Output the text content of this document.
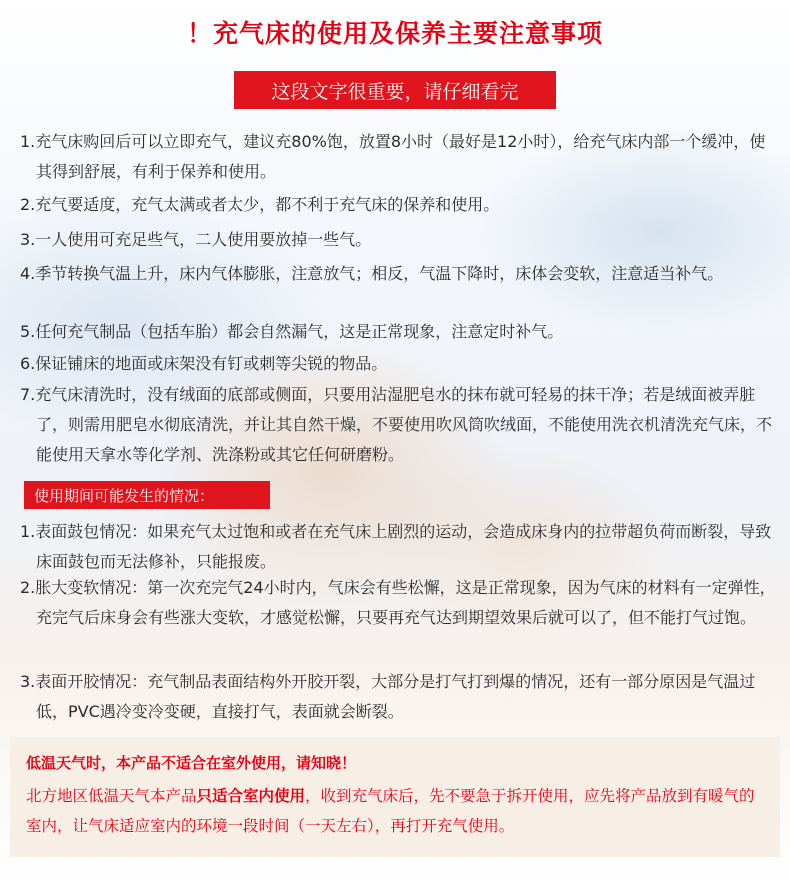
！充气床的使用及保养主要注意事项
这段文字很重要，请仔细看完
1.充气床购回后可以立即充气，建议充80%饱，放置8小时（最好是12小时），给充气床内部一个缓冲，使其得到舒展，有利于保养和使用。
2.充气要适度，充气太满或者太少，都不利于充气床的保养和使用。
3.一人使用可充足些气，二人使用要放掉一些气。
4.季节转换气温上升，床内气体膨胀，注意放气；相反，气温下降时，床体会变软，注意适当补气。
5.任何充气制品（包括车胎）都会自然漏气，这是正常现象，注意定时补气。
6.保证铺床的地面或床架没有钉或刺等尖锐的物品。
7.充气床清洗时，没有绒面的底部或侧面，只要用沾湿肥皂水的抹布就可轻易的抹干净；若是绒面被弄脏了，则需用肥皂水彻底清洗，并让其自然干燥，不要使用吹风筒吹绒面，不能使用洗衣机清洗充气床，不能使用天拿水等化学剂、洗涤粉或其它任何研磨粉。
使用期间可能发生的情况：
1.表面鼓包情况：如果充气太过饱和或者在充气床上剧烈的运动，会造成床身内的拉带超负荷而断裂，导致床面鼓包而无法修补，只能报废。
2.胀大变软情况：第一次充完气24小时内，气床会有些松懈，这是正常现象，因为气床的材料有一定弹性，充完气后床身会有些涨大变软，才感觉松懈，只要再充气达到期望效果后就可以了，但不能打气过饱。
3.表面开胶情况：充气制品表面结构外开胶开裂，大部分是打气打到爆的情况，还有一部分原因是气温过低，PVC遇冷变冷变硬，直接打气，表面就会断裂。
低温天气时，本产品不适合在室外使用，请知晓！
北方地区低温天气本产品只适合室内使用，收到充气床后，先不要急于拆开使用，应先将产品放到有暖气的室内，让气床适应室内的环境一段时间（一天左右），再打开充气使用。
